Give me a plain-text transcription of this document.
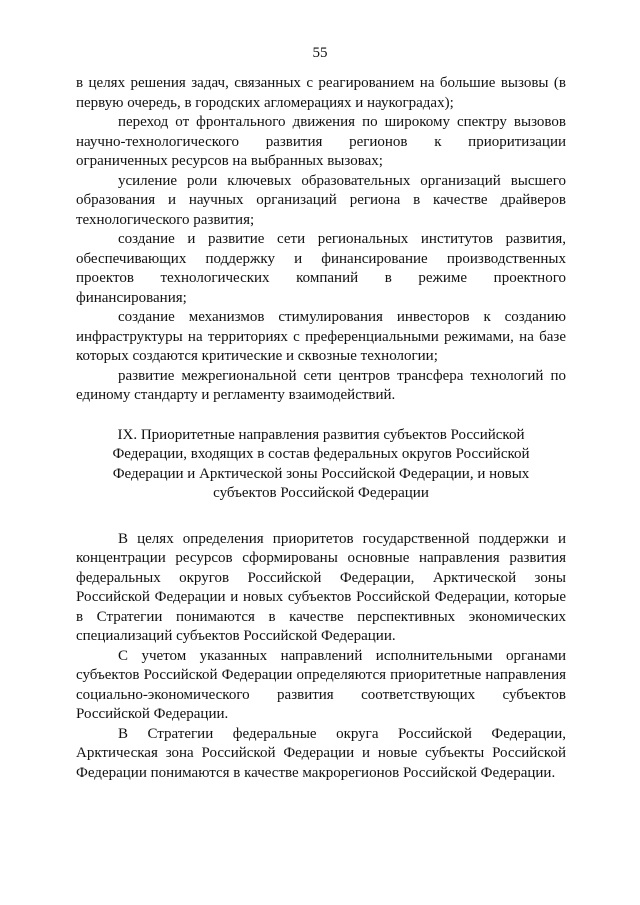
55

в целях решения задач, связанных с реагированием на большие вызовы (в первую очередь, в городских агломерациях и наукоградах);

переход от фронтального движения по широкому спектру вызовов научно-технологического развития регионов к приоритизации ограниченных ресурсов на выбранных вызовах;

усиление роли ключевых образовательных организаций высшего образования и научных организаций региона в качестве драйверов технологического развития;

создание и развитие сети региональных институтов развития, обеспечивающих поддержку и финансирование производственных проектов технологических компаний в режиме проектного финансирования;

создание механизмов стимулирования инвесторов к созданию инфраструктуры на территориях с преференциальными режимами, на базе которых создаются критические и сквозные технологии;

развитие межрегиональной сети центров трансфера технологий по единому стандарту и регламенту взаимодействий.

IX. Приоритетные направления развития субъектов Российской Федерации, входящих в состав федеральных округов Российской Федерации и Арктической зоны Российской Федерации, и новых субъектов Российской Федерации

В целях определения приоритетов государственной поддержки и концентрации ресурсов сформированы основные направления развития федеральных округов Российской Федерации, Арктической зоны Российской Федерации и новых субъектов Российской Федерации, которые в Стратегии понимаются в качестве перспективных экономических специализаций субъектов Российской Федерации.

С учетом указанных направлений исполнительными органами субъектов Российской Федерации определяются приоритетные направления социально-экономического развития соответствующих субъектов Российской Федерации.

В Стратегии федеральные округа Российской Федерации, Арктическая зона Российской Федерации и новые субъекты Российской Федерации понимаются в качестве макрорегионов Российской Федерации.
